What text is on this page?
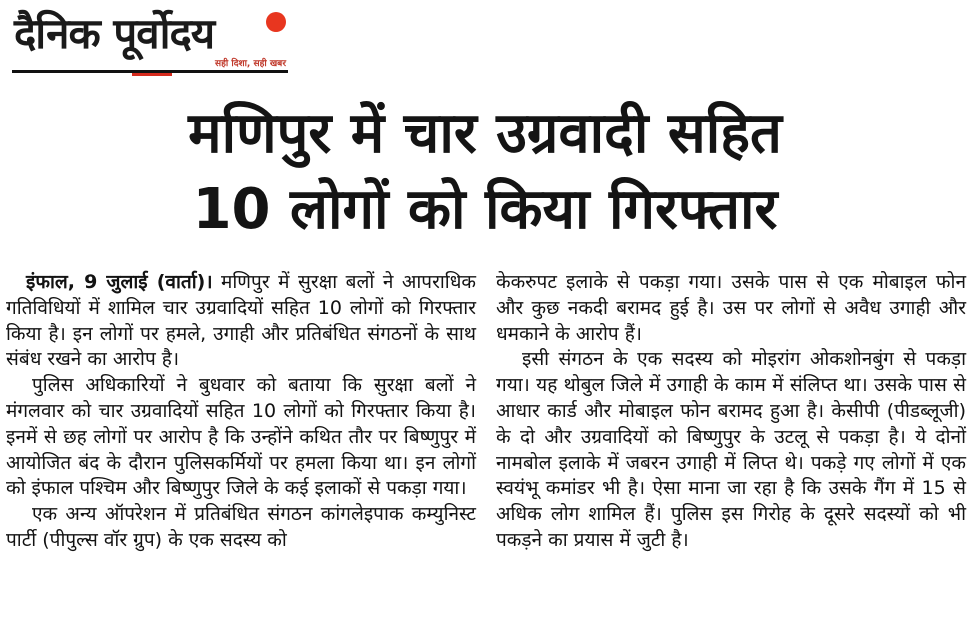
दैनिक पूर्वोदय
सही दिशा, सही खबर
मणिपुर में चार उग्रवादी सहित
10 लोगों को किया गिरफ्तार

इंफाल, 9 जुलाई (वार्ता)। मणिपुर में सुरक्षा बलों ने आपराधिक गतिविधियों में शामिल चार उग्रवादियों सहित 10 लोगों को गिरफ्तार किया है। इन लोगों पर हमले, उगाही और प्रतिबंधित संगठनों के साथ संबंध रखने का आरोप है।

पुलिस अधिकारियों ने बुधवार को बताया कि सुरक्षा बलों ने मंगलवार को चार उग्रवादियों सहित 10 लोगों को गिरफ्तार किया है। इनमें से छह लोगों पर आरोप है कि उन्होंने कथित तौर पर बिष्णुपुर में आयोजित बंद के दौरान पुलिसकर्मियों पर हमला किया था। इन लोगों को इंफाल पश्चिम और बिष्णुपुर जिले के कई इलाकों से पकड़ा गया।

एक अन्य ऑपरेशन में प्रतिबंधित संगठन कांगलेइपाक कम्युनिस्ट पार्टी (पीपुल्स वॉर ग्रुप) के एक सदस्य को

केकरुपट इलाके से पकड़ा गया। उसके पास से एक मोबाइल फोन और कुछ नकदी बरामद हुई है। उस पर लोगों से अवैध उगाही और धमकाने के आरोप हैं।

इसी संगठन के एक सदस्य को मोइरांग ओकशोनबुंग से पकड़ा गया। यह थोबुल जिले में उगाही के काम में संलिप्त था। उसके पास से आधार कार्ड और मोबाइल फोन बरामद हुआ है। केसीपी (पीडब्लूजी) के दो और उग्रवादियों को बिष्णुपुर के उटलू से पकड़ा है। ये दोनों नामबोल इलाके में जबरन उगाही में लिप्त थे। पकड़े गए लोगों में एक स्वयंभू कमांडर भी है। ऐसा माना जा रहा है कि उसके गैंग में 15 से अधिक लोग शामिल हैं। पुलिस इस गिरोह के दूसरे सदस्यों को भी पकड़ने का प्रयास में जुटी है।
